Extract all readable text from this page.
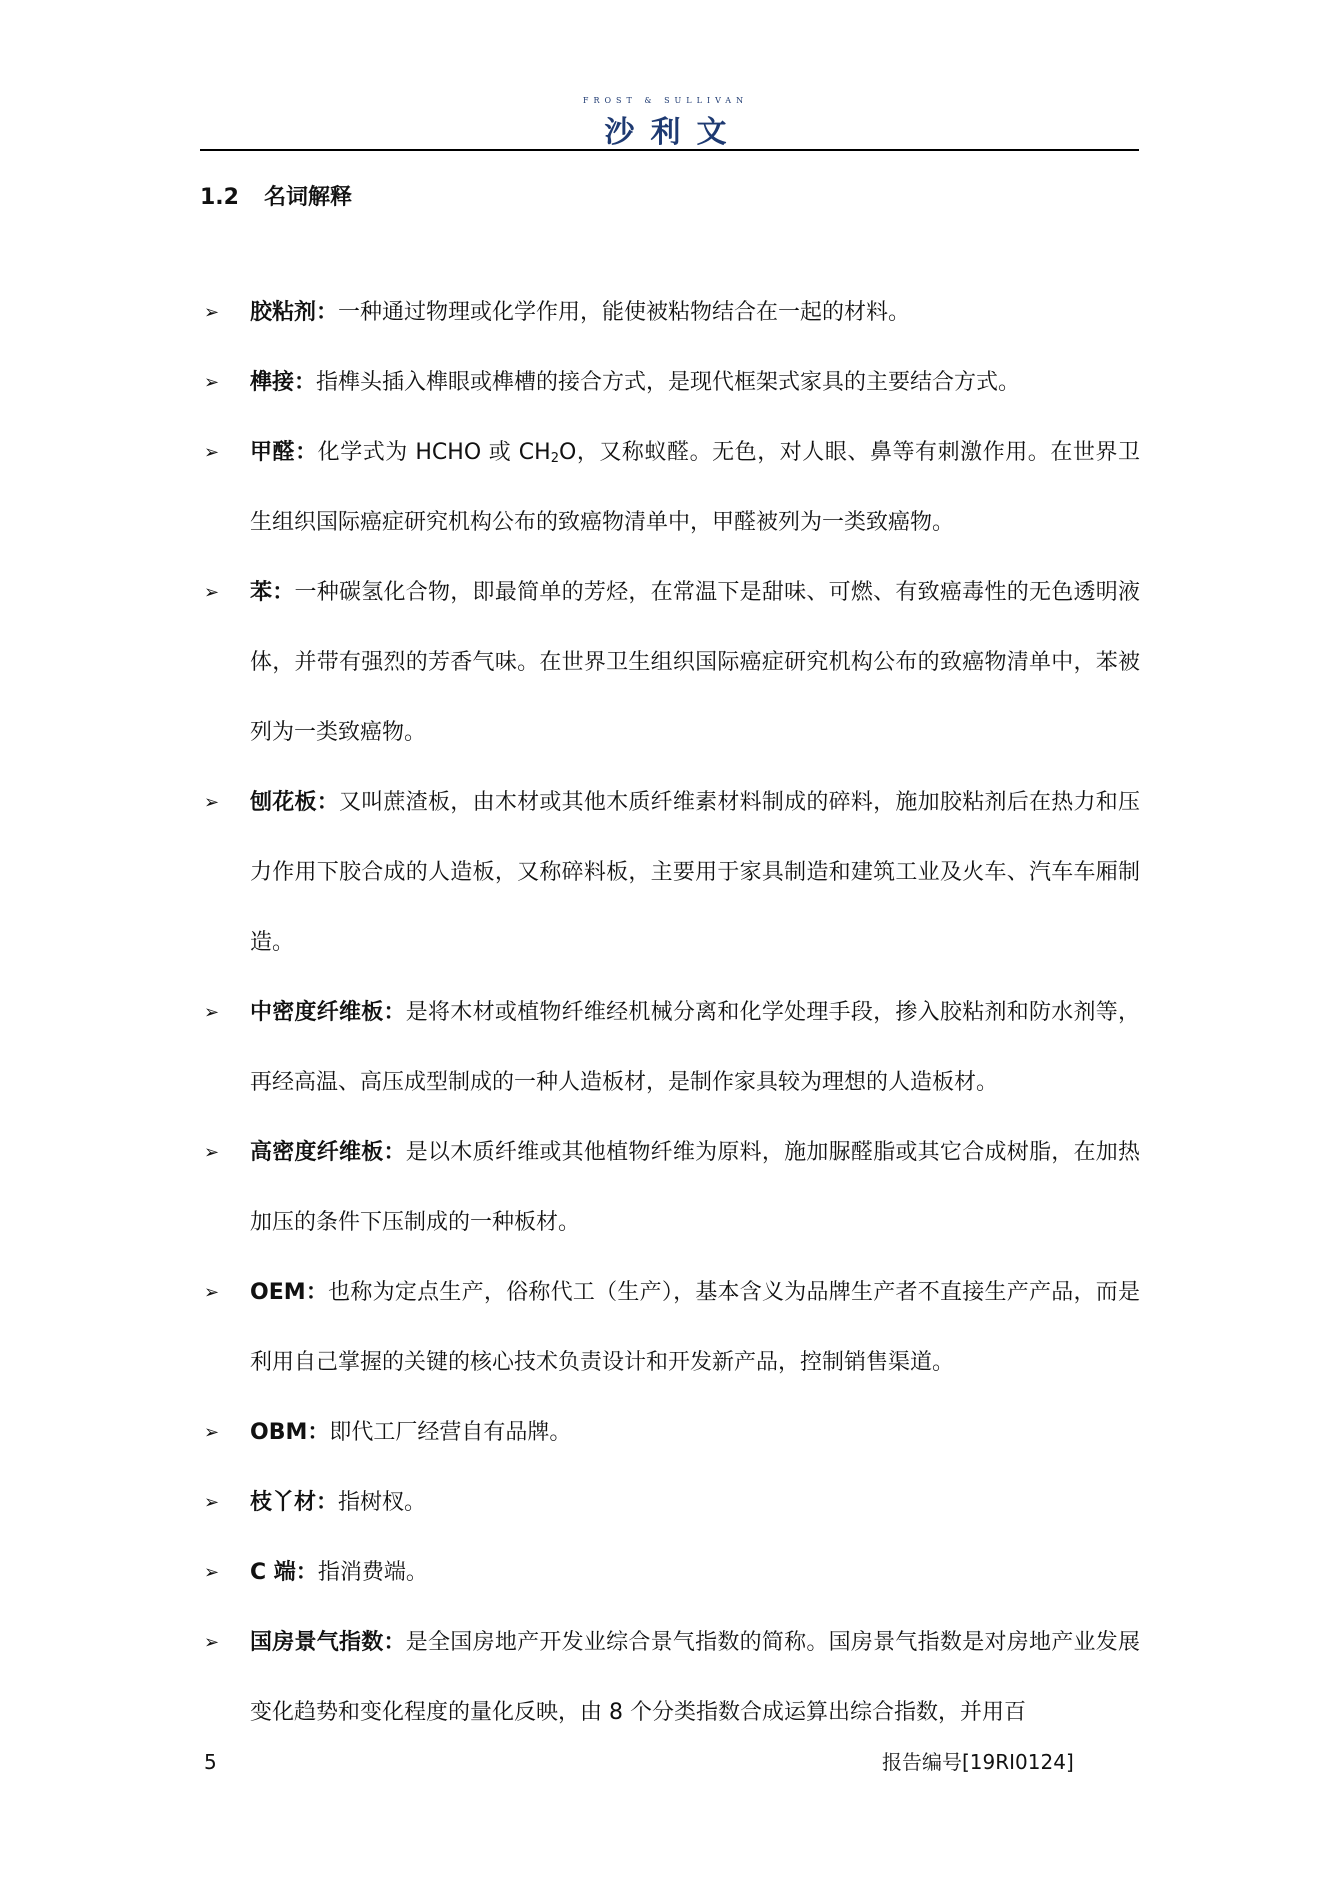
FROST & SULLIVAN
沙利文
1.2 名词解释
➢ 胶粘剂：一种通过物理或化学作用，能使被粘物结合在一起的材料。
➢ 榫接：指榫头插入榫眼或榫槽的接合方式，是现代框架式家具的主要结合方式。
➢ 甲醛：化学式为 HCHO 或 $CH_2O$，又称蚁醛。无色，对人眼、鼻等有刺激作用。在世界卫生组织国际癌症研究机构公布的致癌物清单中，甲醛被列为一类致癌物。
➢ 苯：一种碳氢化合物，即最简单的芳烃，在常温下是甜味、可燃、有致癌毒性的无色透明液体，并带有强烈的芳香气味。在世界卫生组织国际癌症研究机构公布的致癌物清单中，苯被列为一类致癌物。
➢ 刨花板：又叫蔗渣板，由木材或其他木质纤维素材料制成的碎料，施加胶粘剂后在热力和压力作用下胶合成的人造板，又称碎料板，主要用于家具制造和建筑工业及火车、汽车车厢制造。
➢ 中密度纤维板：是将木材或植物纤维经机械分离和化学处理手段，掺入胶粘剂和防水剂等，再经高温、高压成型制成的一种人造板材，是制作家具较为理想的人造板材。
➢ 高密度纤维板：是以木质纤维或其他植物纤维为原料，施加脲醛脂或其它合成树脂，在加热加压的条件下压制成的一种板材。
➢ OEM：也称为定点生产，俗称代工（生产），基本含义为品牌生产者不直接生产产品，而是利用自己掌握的关键的核心技术负责设计和开发新产品，控制销售渠道。
➢ OBM：即代工厂经营自有品牌。
➢ 枝丫材：指树杈。
➢ C 端：指消费端。
➢ 国房景气指数：是全国房地产开发业综合景气指数的简称。国房景气指数是对房地产业发展变化趋势和变化程度的量化反映，由 8 个分类指数合成运算出综合指数，并用百
5	报告编号[19RI0124]
